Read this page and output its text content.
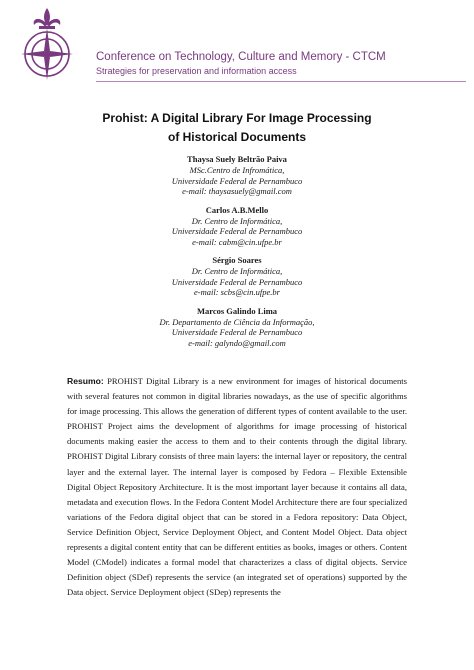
Conference on Technology, Culture and Memory - CTCM
Strategies for preservation and information access
Prohist: A Digital Library For Image Processing
of Historical Documents
Thaysa Suely Beltrão Paiva
MSc.Centro de Infromática,
Universidade Federal de Pernambuco
e-mail: thaysasuely@gmail.com
Carlos A.B.Mello
Dr. Centro de Informática,
Universidade Federal de Pernambuco
e-mail: cabm@cin.ufpe.br
Sérgio Soares
Dr. Centro de Informática,
Universidade Federal de Pernambuco
e-mail: scbs@cin.ufpe.br
Marcos Galindo Lima
Dr. Departamento de Ciência da Informação,
Universidade Federal de Pernambuco
e-mail: galyndo@gmail.com
Resumo: PROHIST Digital Library is a new environment for images of historical documents with several features not common in digital libraries nowadays, as the use of specific algorithms for image processing. This allows the generation of different types of content available to the user. PROHIST Project aims the development of algorithms for image processing of historical documents making easier the access to them and to their contents through the digital library. PROHIST Digital Library consists of three main layers: the internal layer or repository, the central layer and the external layer. The internal layer is composed by Fedora – Flexible Extensible Digital Object Repository Architecture. It is the most important layer because it contains all data, metadata and execution flows. In the Fedora Content Model Architecture there are four specialized variations of the Fedora digital object that can be stored in a Fedora repository: Data Object, Service Definition Object, Service Deployment Object, and Content Model Object. Data object represents a digital content entity that can be different entities as books, images or others. Content Model (CModel) indicates a formal model that characterizes a class of digital objects. Service Definition object (SDef) represents the service (an integrated set of operations) supported by the Data object. Service Deployment object (SDep) represents the
